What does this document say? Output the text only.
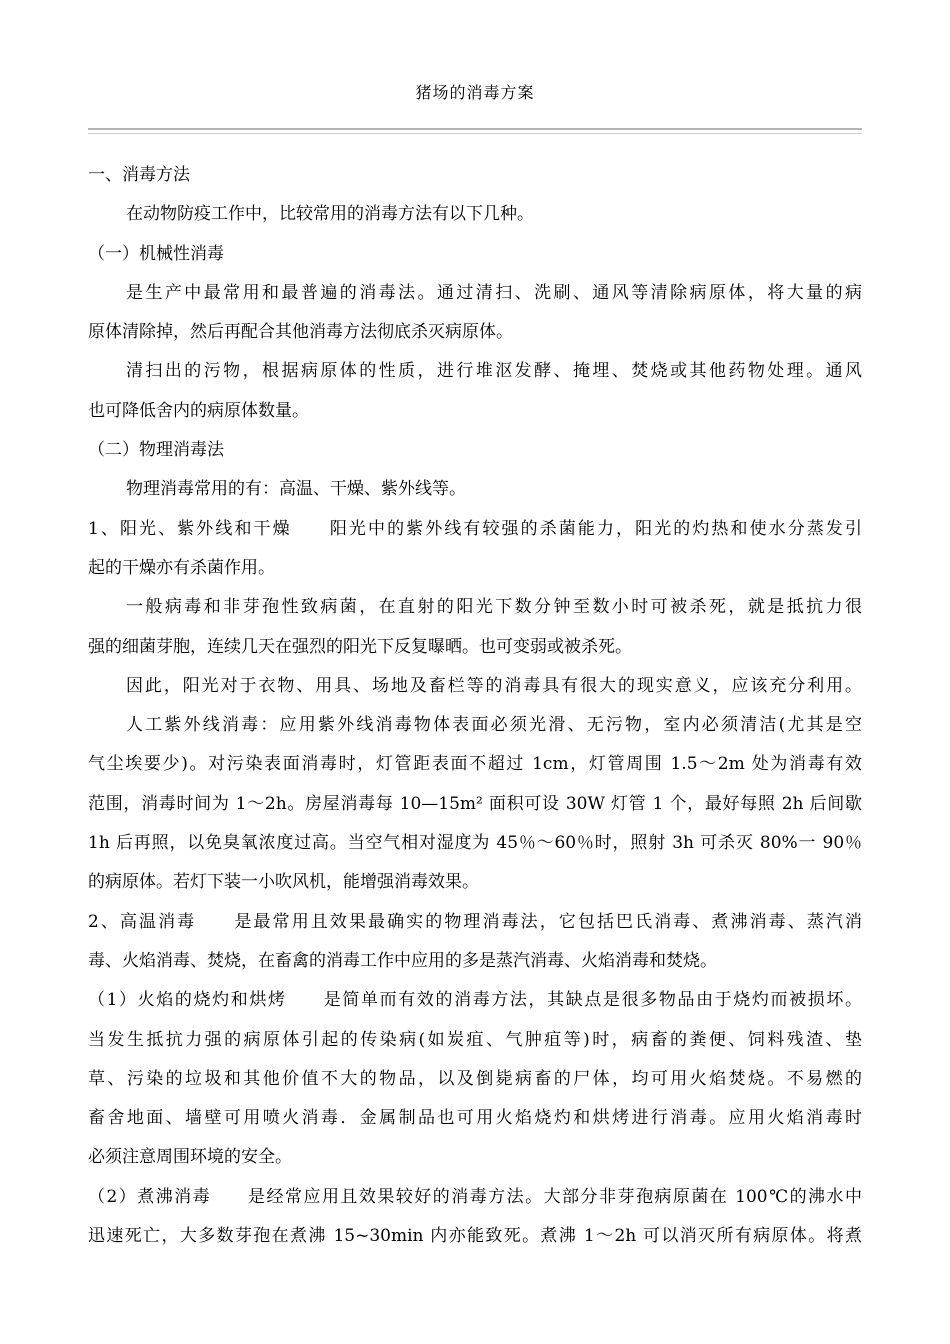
猪场的消毒方案
一、消毒方法
在动物防疫工作中，比较常用的消毒方法有以下几种。
（一）机械性消毒
是生产中最常用和最普遍的消毒法。通过清扫、洗刷、通风等清除病原体，将大量的病
原体清除掉，然后再配合其他消毒方法彻底杀灭病原体。
清扫出的污物，根据病原体的性质，进行堆沤发酵、掩埋、焚烧或其他药物处理。通风
也可降低舍内的病原体数量。
（二）物理消毒法
物理消毒常用的有：高温、干燥、紫外线等。
1、阳光、紫外线和干燥　　阳光中的紫外线有较强的杀菌能力，阳光的灼热和使水分蒸发引
起的干燥亦有杀菌作用。
一般病毒和非芽孢性致病菌，在直射的阳光下数分钟至数小时可被杀死，就是抵抗力很
强的细菌芽胞，连续几天在强烈的阳光下反复曝晒。也可变弱或被杀死。
因此，阳光对于衣物、用具、场地及畜栏等的消毒具有很大的现实意义，应该充分利用。
人工紫外线消毒：应用紫外线消毒物体表面必须光滑、无污物，室内必须清洁(尤其是空
气尘埃要少)。对污染表面消毒时，灯管距表面不超过 1cm，灯管周围 1.5～2m 处为消毒有效
范围，消毒时间为 1～2h。房屋消毒每 10—15m² 面积可设 30W 灯管 1 个，最好每照 2h 后间歇
1h 后再照，以免臭氧浓度过高。当空气相对湿度为 45％～60％时，照射 3h 可杀灭 80%一 90％
的病原体。若灯下装一小吹风机，能增强消毒效果。
2、高温消毒　　是最常用且效果最确实的物理消毒法，它包括巴氏消毒、煮沸消毒、蒸汽消
毒、火焰消毒、焚烧，在畜禽的消毒工作中应用的多是蒸汽消毒、火焰消毒和焚烧。
（1）火焰的烧灼和烘烤　　是简单而有效的消毒方法，其缺点是很多物品由于烧灼而被损坏。
当发生抵抗力强的病原体引起的传染病(如炭疽、气肿疽等)时，病畜的粪便、饲料残渣、垫
草、污染的垃圾和其他价值不大的物品，以及倒毙病畜的尸体，均可用火焰焚烧。不易燃的
畜舍地面、墙壁可用喷火消毒．金属制品也可用火焰烧灼和烘烤进行消毒。应用火焰消毒时
必须注意周围环境的安全。
（2）煮沸消毒　　是经常应用且效果较好的消毒方法。大部分非芽孢病原菌在 100℃的沸水中
迅速死亡，大多数芽孢在煮沸 15~30min 内亦能致死。煮沸 1～2h 可以消灭所有病原体。将煮
